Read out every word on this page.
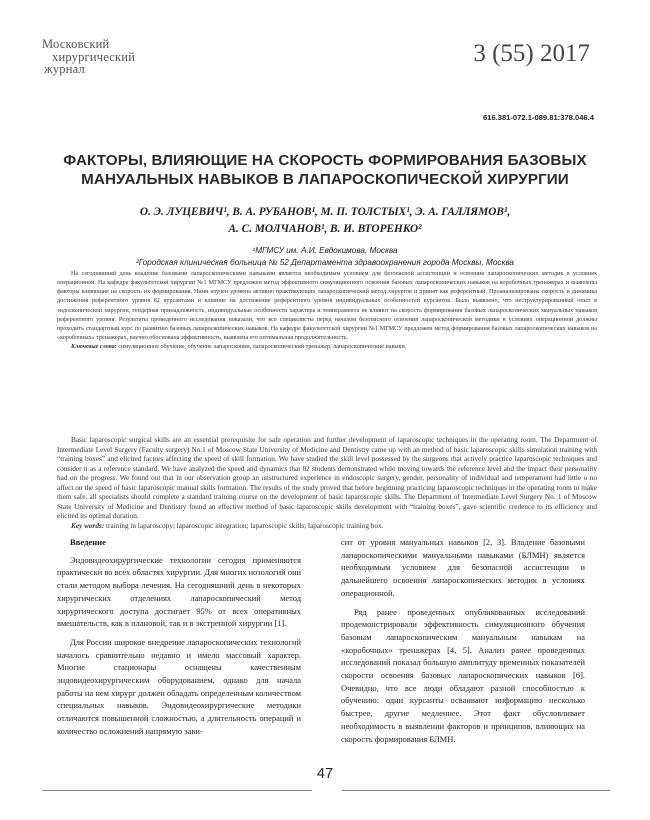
Московский
хирургический
журнал
3 (55) 2017
616.381-072.1-089.81:378.046.4
ФАКТОРЫ, ВЛИЯЮЩИЕ НА СКОРОСТЬ ФОРМИРОВАНИЯ БАЗОВЫХ
МАНУАЛЬНЫХ НАВЫКОВ В ЛАПАРОСКОПИЧЕСКОЙ ХИРУРГИИ
О. Э. ЛУЦЕВИЧ¹, В. А. РУБАНОВ¹, М. П. ТОЛСТЫХ¹, Э. А. ГАЛЛЯМОВ¹,
А. С. МОЛЧАНОВ¹, В. И. ВТОРЕНКО²
¹МГМСУ им. А.И. Евдокимова, Москва
²Городская клиническая больница № 52 Департамента здравоохранения города Москвы, Москва
На сегодняшний день владение базовыми лапароскопическими навыками является необходимым условием для безопасной ассистенции и освоения лапароскопических методик в условиях операционной. На кафедре факультетской хирургии №1 МГМСУ предложен метод эффективного симуляционного освоения базовых лапароскопических навыков на коробочных тренажерах и выявлены факторы влияющие на скорость их формирования. Нами изучен уровень активно практикующих лапароскопический метод хирургов и принят как референтный. Проанализированы скорость и динамика достижения референтного уровня 82 курсантами и влияние на достижение референтного уровня индивидуальных особенностей курсантов. Было выявлено, что неструктурированный опыт в эндоскопической хирургии, гендерная принадлежность, индивидуальные особенности характера и темперамента не влияют на скорость формирования базовых лапароскопических мануальных навыков референтного уровня. Результаты проведенного исследования показали, что все специалисты перед началом безопасного освоения лапароскопической методики в условиях операционной должны проходить стандартный курс по развитию базовых лапароскопических навыков. На кафедре факультетской хирургии №1 МГМСУ предложен метод формирования базовых лапароскопических навыков на «коробочных» тренажерах, научно обоснована эффективность, выявлена его оптимальная продолжительность.
Ключевые слова: симуляционное обучение, обучение лапароскопии, лапароскопический тренажер, лапароскопические навыки.
Basic laparoscopic surgical skills are an essential prerequisite for safe operation and further development of laparoscopic techniques in the operating room. The Department of Intermediate Level Surgery (Faculty surgery) No.1 of Moscow State University of Medicine and Dentistry came up with an method of basic laparoscopic skills simulation training with “training boxes” and elicited factors affecting the speed of skill formation. We have studied the skill level possessed by the surgeons that actively practice laparoscopic techniques and consider it as a reference standard. We have analyzed the speed and dynamics that 82 students demonstrated while moving towards the reference level and the impact their personality had on the progress. We found out that in our observation group an unstructured experience in endoscopic surgery, gender, personality of individual and temperament had little o no affect on the speed of basic laparoscopic manual skills formation. The results of the study proved that before beginning practicing laparoscopic techniques in the operating room to make them safe, all specialists should complete a standard training course on the development of basic laparoscopic skills. The Department of Intermediate Level Surgery No. 1 of Moscow State University of Medicine and Dentistry found an effective method of basic laparoscopic skills development with “training boxes”, gave scientific credence to its efficiency and elicited its optimal duration.
Key words: training in laparoscopy; laparoscopic integration; laparoscopic skills; laparoscopic training box.
Введение

Эндовидеохирургические технологии сегодня применяются практически во всех областях хирургии. Для многих нозологий они стали методом выбора лечения. На сегодняшний день в некоторых хирургических отделениях лапароскопический метод хирургического доступа достигает 95% от всех оперативных вмешательств, как в плановой, так и в экстренной хирургии [1].

Для России широкое внедрение лапароскопических технологий началось сравнительно недавно и имело массовый характер. Многие стационары оснащены качественным эндовидеохирургическим оборудованием, однако для начала работы на нем хирург должен обладать определенным количеством специальных навыков. Эндовидеохирургические методики отличаются повышенной сложностью, а длительность операций и количество осложнений напрямую зави-

сит от уровня мануальных навыков [2, 3]. Владение базовыми лапароскопическими мануальными навыками (БЛМН) является необходимым условием для безопасной ассистенции и дальнейшего освоения лапароскопических методик в условиях операционной.

Ряд ранее проведенных опубликованных исследований продемонстрировали эффективность симуляционного обучения базовым лапароскопическим мануальным навыкам на «коробочных» тренажерах [4, 5]. Анализ ранее проведенных исследований показал большую амплитуду временных показателей скорости освоения базовых лапароскопических навыков [6]. Очевидно, что все люди обладают разной способностью к обучению: одни курсанты осваивают информацию несколько быстрее, другие медленнее. Этот факт обусловливает необходимость в выявлении факторов и принципов, влияющих на скорость формирования БЛМН.

47
